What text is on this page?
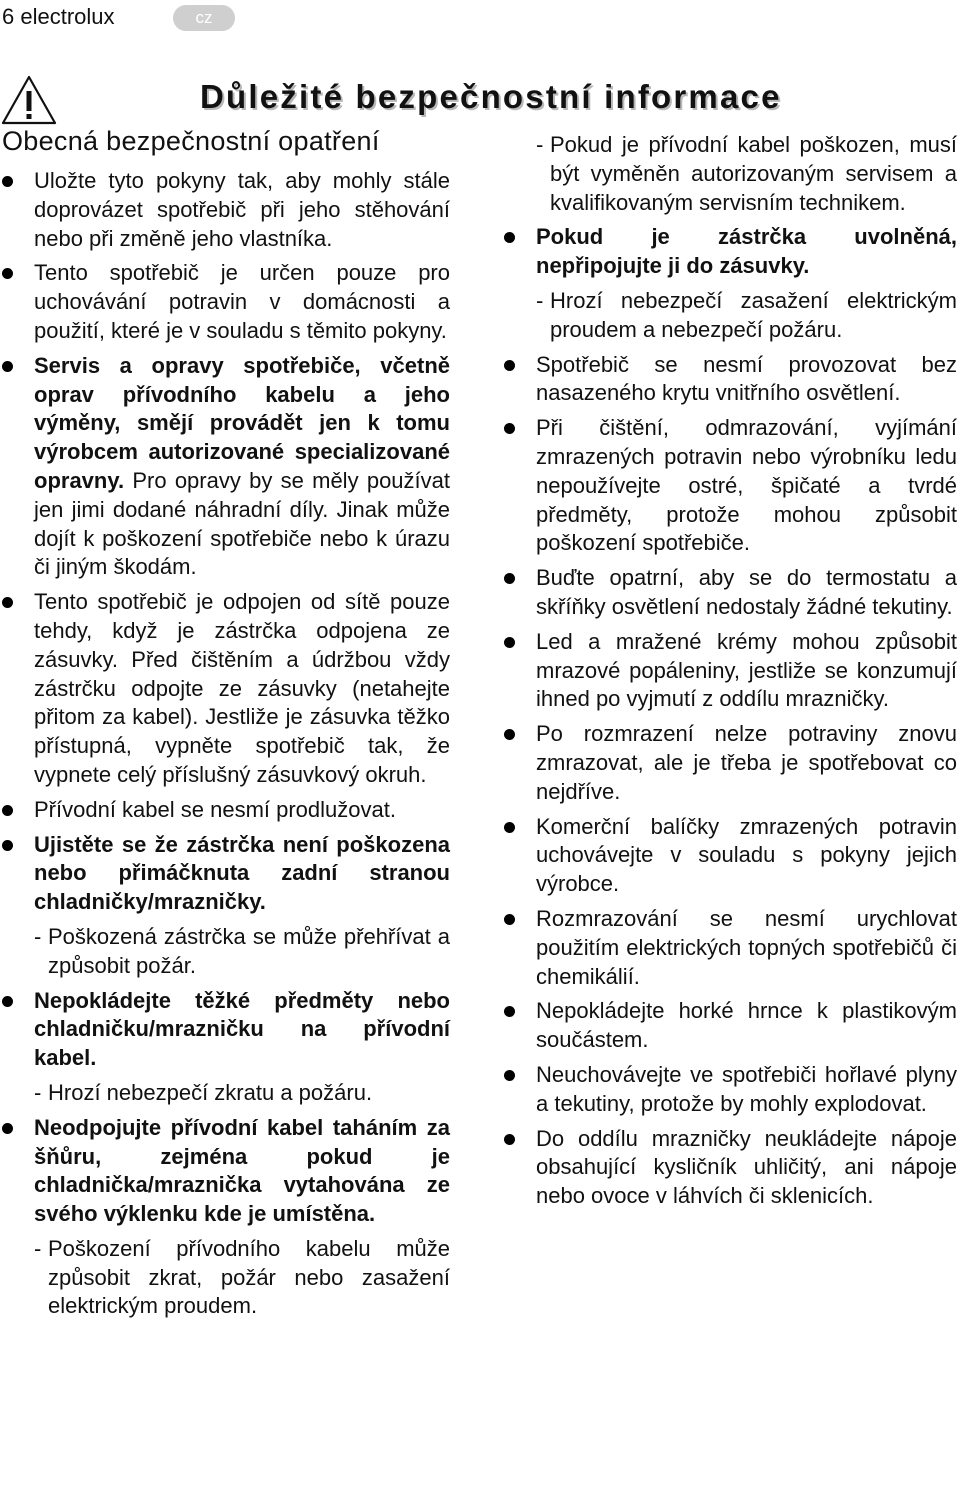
6 electrolux	cz
Důležité bezpečnostní informace
Obecná bezpečnostní opatření
Uložte tyto pokyny tak, aby mohly stále doprovázet spotřebič při jeho stěhování nebo při změně jeho vlastníka.
Tento spotřebič je určen pouze pro uchovávání potravin v domácnosti a použití, které je v souladu s těmito pokyny.
Servis a opravy spotřebiče, včetně oprav přívodního kabelu a jeho výměny, smějí provádět jen k tomu výrobcem autorizované specializované opravny. Pro opravy by se měly používat jen jimi dodané náhradní díly. Jinak může dojít k poškození spotřebiče nebo k úrazu či jiným škodám.
Tento spotřebič je odpojen od sítě pouze tehdy, když je zástrčka odpojena ze zásuvky. Před čištěním a údržbou vždy zástrčku odpojte ze zásuvky (netahejte přitom za kabel). Jestliže je zásuvka těžko přístupná, vypněte spotřebič tak, že vypnete celý příslušný zásuvkový okruh.
Přívodní kabel se nesmí prodlužovat.
Ujistěte se že zástrčka není poškozena nebo přimáčknuta zadní stranou chladničky/mrazničky.
- Poškozená zástrčka se může přehřívat a způsobit požár.
Nepokládejte těžké předměty nebo chladničku/mrazničku na přívodní kabel.
- Hrozí nebezpečí zkratu a požáru.
Neodpojujte přívodní kabel taháním za šňůru, zejména pokud je chladnička/mraznička vytahována ze svého výklenku kde je umístěna.
- Poškození přívodního kabelu může způsobit zkrat, požár nebo zasažení elektrickým proudem.
- Pokud je přívodní kabel poškozen, musí být vyměněn autorizovaným servisem a kvalifikovaným servisním technikem.
Pokud je zástrčka uvolněná, nepřipojujte ji do zásuvky.
- Hrozí nebezpečí zasažení elektrickým proudem a nebezpečí požáru.
Spotřebič se nesmí provozovat bez nasazeného krytu vnitřního osvětlení.
Při čištění, odmrazování, vyjímání zmrazených potravin nebo výrobníku ledu nepoužívejte ostré, špičaté a tvrdé předměty, protože mohou způsobit poškození spotřebiče.
Buďte opatrní, aby se do termostatu a skříňky osvětlení nedostaly žádné tekutiny.
Led a mražené krémy mohou způsobit mrazové popáleniny, jestliže se konzumují ihned po vyjmutí z oddílu mrazničky.
Po rozmrazení nelze potraviny znovu zmrazovat, ale je třeba je spotřebovat co nejdříve.
Komerční balíčky zmrazených potravin uchovávejte v souladu s pokyny jejich výrobce.
Rozmrazování se nesmí urychlovat použitím elektrických topných spotřebičů či chemikálií.
Nepokládejte horké hrnce k plastikovým součástem.
Neuchovávejte ve spotřebiči hořlavé plyny a tekutiny, protože by mohly explodovat.
Do oddílu mrazničky neukládejte nápoje obsahující kysličník uhličitý, ani nápoje nebo ovoce v láhvích či sklenicích.
